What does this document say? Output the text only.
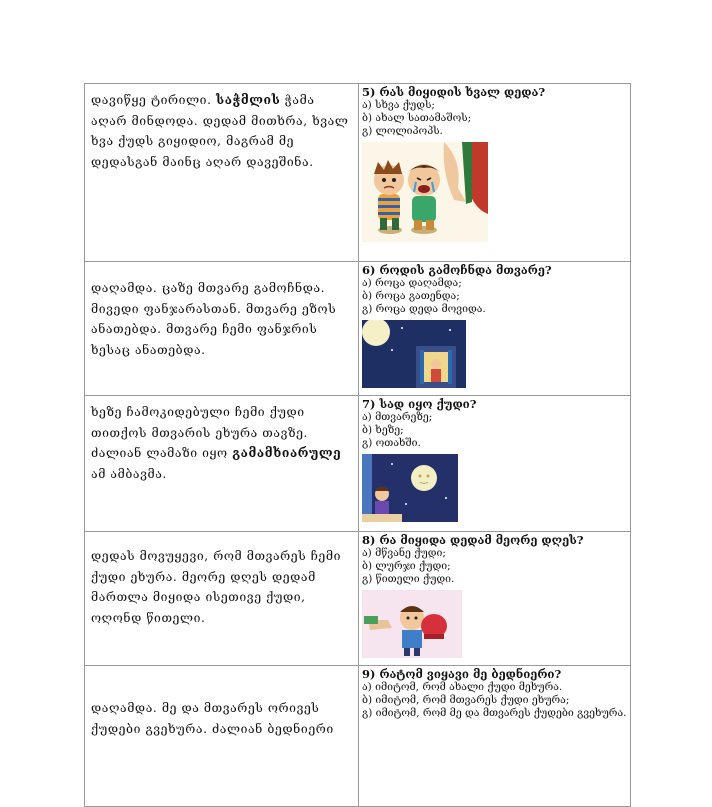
დავიწყე ტირილი. საჭმლის ჭამა აღარ მინდოდა. დედამ მითხრა, ხვალ ხვა ქუდს გიყიდიო, მაგრამ მე დედასგან მაინც აღარ დავეშინა.	5) რას მიყიდის ხვალ დედა?
ა) სხვა ქუდს;
ბ) ახალ სათამაშოს;
გ) ლოლიპოპს.

დაღამდა. ცაზე მთვარე გამოჩნდა. მივედი ფანჯარასთან. მთვარე ეზოს ანათებდა. მთვარე ჩემი ფანჯრის ხესაც ანათებდა.	6) როდის გამოჩნდა მთვარე?
ა) როცა დაღამდა;
ბ) როცა გათენდა;
გ) როცა დედა მოვიდა.

ხეზე ჩამოკიდებული ჩემი ქუდი თითქოს მთვარის ეხურა თავზე. ძალიან ლამაზი იყო გამამხიარულე ამ ამბავმა.	7) სად იყო ქუდი?
ა) მთვარეზე;
ბ) ხეზე;
გ) ოთახში.

დედას მოვუყევი, რომ მთვარეს ჩემი ქუდი ეხურა. მეორე დღეს დედამ მართლა მიყიდა ისეთივე ქუდი, ოღონდ წითელი.	8) რა მიყიდა დედამ მეორე დღეს?
ა) მწვანე ქუდი;
ბ) ლურჯი ქუდი;
გ) წითელი ქუდი.

დაღამდა. მე და მთვარეს ორივეს ქუდები გვეხურა. ძალიან ბედნიერი	9) რატომ ვიყავი მე ბედნიერი?
ა) იმიტომ, რომ ახალი ქუდი მეხურა.
ბ) იმიტომ, რომ მთვარეს ქუდი ეხურა;
გ) იმიტომ, რომ მე და მთვარეს ქუდები გვეხურა.
